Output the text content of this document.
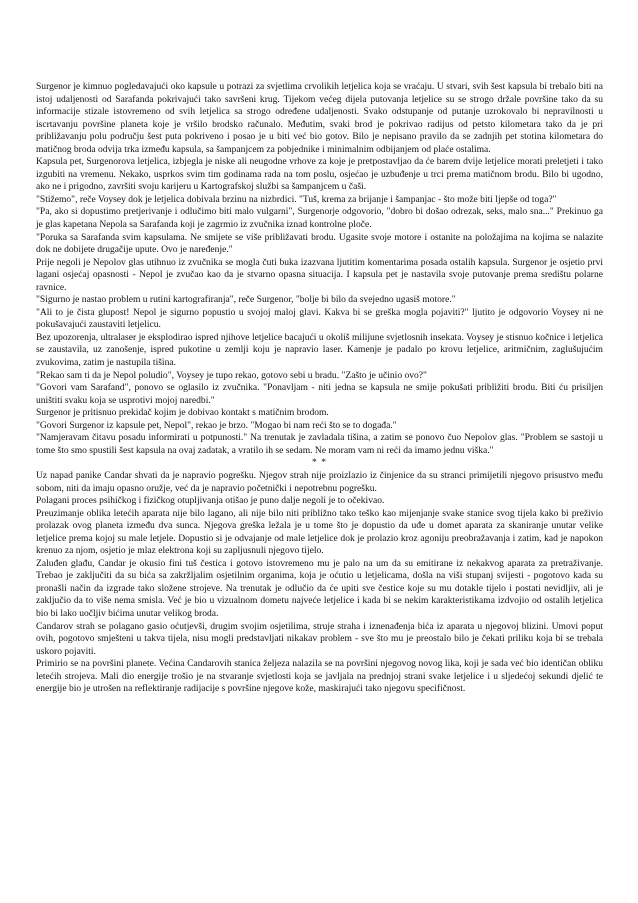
Surgenor je kimnuo pogledavajući oko kapsule u potrazi za svjetlima crvolikih letjelica koja se vraćaju. U stvari, svih šest kapsula bi trebalo biti na istoj udaljenosti od Sarafanda pokrivajući tako savršeni krug. Tijekom većeg dijela putovanja letjelice su se strogo držale površine tako da su informacije stizale istovremeno od svih letjelica sa strogo određene udaljenosti. Svako odstupanje od putanje uzrokovalo bi nepravilnosti u iscrtavanju površine planeta koje je vršilo brodsko računalo. Međutim, svaki brod je pokrivao radijus od petsto kilometara tako da je pri približavanju polu području šest puta pokriveno i posao je u biti već bio gotov. Bilo je nepisano pravilo da se zadnjih pet stotina kilometara do matičnog broda odvija trka između kapsula, sa šampanjcem za pobjednike i minimalnim odbijanjem od plaće ostalima.

Kapsula pet, Surgenorova letjelica, izbjegla je niske ali neugodne vrhove za koje je pretpostavljao da će barem dvije letjelice morati preletjeti i tako izgubiti na vremenu. Nekako, usprkos svim tim godinama rada na tom poslu, osjećao je uzbuđenje u trci prema matičnom brodu. Bilo bi ugodno, ako ne i prigodno, završiti svoju karijeru u Kartografskoj službi sa šampanjcem u čaši.

"Stižemo", reče Voysey dok je letjelica dobivala brzinu na nizbrdici. "Tuš, krema za brijanje i šampanjac - što može biti ljepše od toga?"

"Pa, ako si dopustimo pretjerivanje i odlučimo biti malo vulgarni", Surgenorje odgovorio, "dobro bi došao odrezak, seks, malo sna..." Prekinuo ga je glas kapetana Nepola sa Sarafanda koji je zagrmio iz zvučnika iznad kontrolne ploče.

"Poruka sa Sarafanda svim kapsulama. Ne smijete se više približavati brodu. Ugasite svoje motore i ostanite na položajima na kojima se nalazite dok ne dobijete drugačije upute. Ovo je naređenje."

Prije negoli je Nepolov glas utihnuo iz zvučnika se mogla čuti buka izazvana ljutitim komentarima posada ostalih kapsula. Surgenor je osjetio prvi lagani osjećaj opasnosti - Nepol je zvučao kao da je stvarno opasna situacija. I kapsula pet je nastavila svoje putovanje prema središtu polarne ravnice.

"Sigurno je nastao problem u rutini kartografiranja", reče Surgenor, "bolje bi bilo da svejedno ugasiš motore."

"Ali to je čista glupost! Nepol je sigurno popustio u svojoj maloj glavi. Kakva bi se greška mogla pojaviti?" ljutito je odgovorio Voysey ni ne pokušavajući zaustaviti letjelicu.

Bez upozorenja, ultralaser je eksplodirao ispred njihove letjelice bacajući u okoliš milijune svjetlosnih insekata. Voysey je stisnuo kočnice i letjelica se zaustavila, uz zanošenje, ispred pukotine u zemlji koju je napravio laser. Kamenje je padalo po krovu letjelice, aritmičnim, zaglušujućim zvukovima, zatim je nastupila tišina.

"Rekao sam ti da je Nepol poludio", Voysey je tupo rekao, gotovo sebi u bradu. "Zašto je učinio ovo?"

"Govori vam Sarafand", ponovo se oglasilo iz zvučnika. "Ponavljam - niti jedna se kapsula ne smije pokušati približiti brodu. Biti ću prisiljen uništiti svaku koja se usprotivi mojoj naredbi."

Surgenor je pritisnuo prekidač kojim je dobivao kontakt s matičnim brodom.

"Govori Surgenor iz kapsule pet, Nepol", rekao je brzo. "Mogao bi nam reći što se to događa."

"Namjeravam čitavu posadu informirati u potpunosti." Na trenutak je zavladala tišina, a zatim se ponovo čuo Nepolov glas. "Problem se sastoji u tome što smo spustili šest kapsula na ovaj zadatak, a vratilo ih se sedam. Ne moram vam ni reći da imamo jednu viška."

* *

Uz napad panike Candar shvati da je napravio pogrešku. Njegov strah nije proizlazio iz činjenice da su stranci primijetili njegovo prisustvo među sobom, niti da imaju opasno oružje, već da je napravio početnički i nepotrebnu pogrešku.

Polagani proces psihičkog i fizičkog otupljivanja otišao je puno dalje negoli je to očekivao.

Preuzimanje oblika letećih aparata nije bilo lagano, ali nije bilo niti približno tako teško kao mijenjanje svake stanice svog tijela kako bi preživio prolazak ovog planeta između dva sunca. Njegova greška ležala je u tome što je dopustio da uđe u domet aparata za skaniranje unutar velike letjelice prema kojoj su male letjele. Dopustio si je odvajanje od male letjelice dok je prolazio kroz agoniju preobražavanja i zatim, kad je napokon krenuo za njom, osjetio je mlaz elektrona koji su zapljusnuli njegovo tijelo.

Zaluđen glađu, Candar je okusio fini tuš čestica i gotovo istovremeno mu je palo na um da su emitirane iz nekakvog aparata za pretraživanje. Trebao je zaključiti da su bića sa zakržljalim osjetilnim organima, koja je oćutio u letjelicama, došla na viši stupanj svijesti - pogotovo kada su pronašli način da izgrade tako složene strojeve. Na trenutak je odlučio da će upiti sve čestice koje su mu dotakle tijelo i postati nevidljiv, ali je zaključio da to više nema smisla. Već je bio u vizualnom dometu najveće letjelice i kada bi se nekim karakteristikama izdvojio od ostalih letjelica bio bi lako uočljiv bićima unutar velikog broda.

Candarov strah se polagano gasio oćutjevši, drugim svojim osjetilima, struje straha i iznenađenja bića iz aparata u njegovoj blizini. Umovi poput ovih, pogotovo smješteni u takva tijela, nisu mogli predstavljati nikakav problem - sve što mu je preostalo bilo je čekati priliku koja bi se trebala uskoro pojaviti.

Primirio se na površini planete. Većina Candarovih stanica željeza nalazila se na površini njegovog novog lika, koji je sada već bio identičan obliku letećih strojeva. Mali dio energije trošio je na stvaranje svjetlosti koja se javljala na prednjoj strani svake letjelice i u sljedećoj sekundi djelić te energije bio je utrošen na reflektiranje radijacije s površine njegove kože, maskirajući tako njegovu specifičnost.
